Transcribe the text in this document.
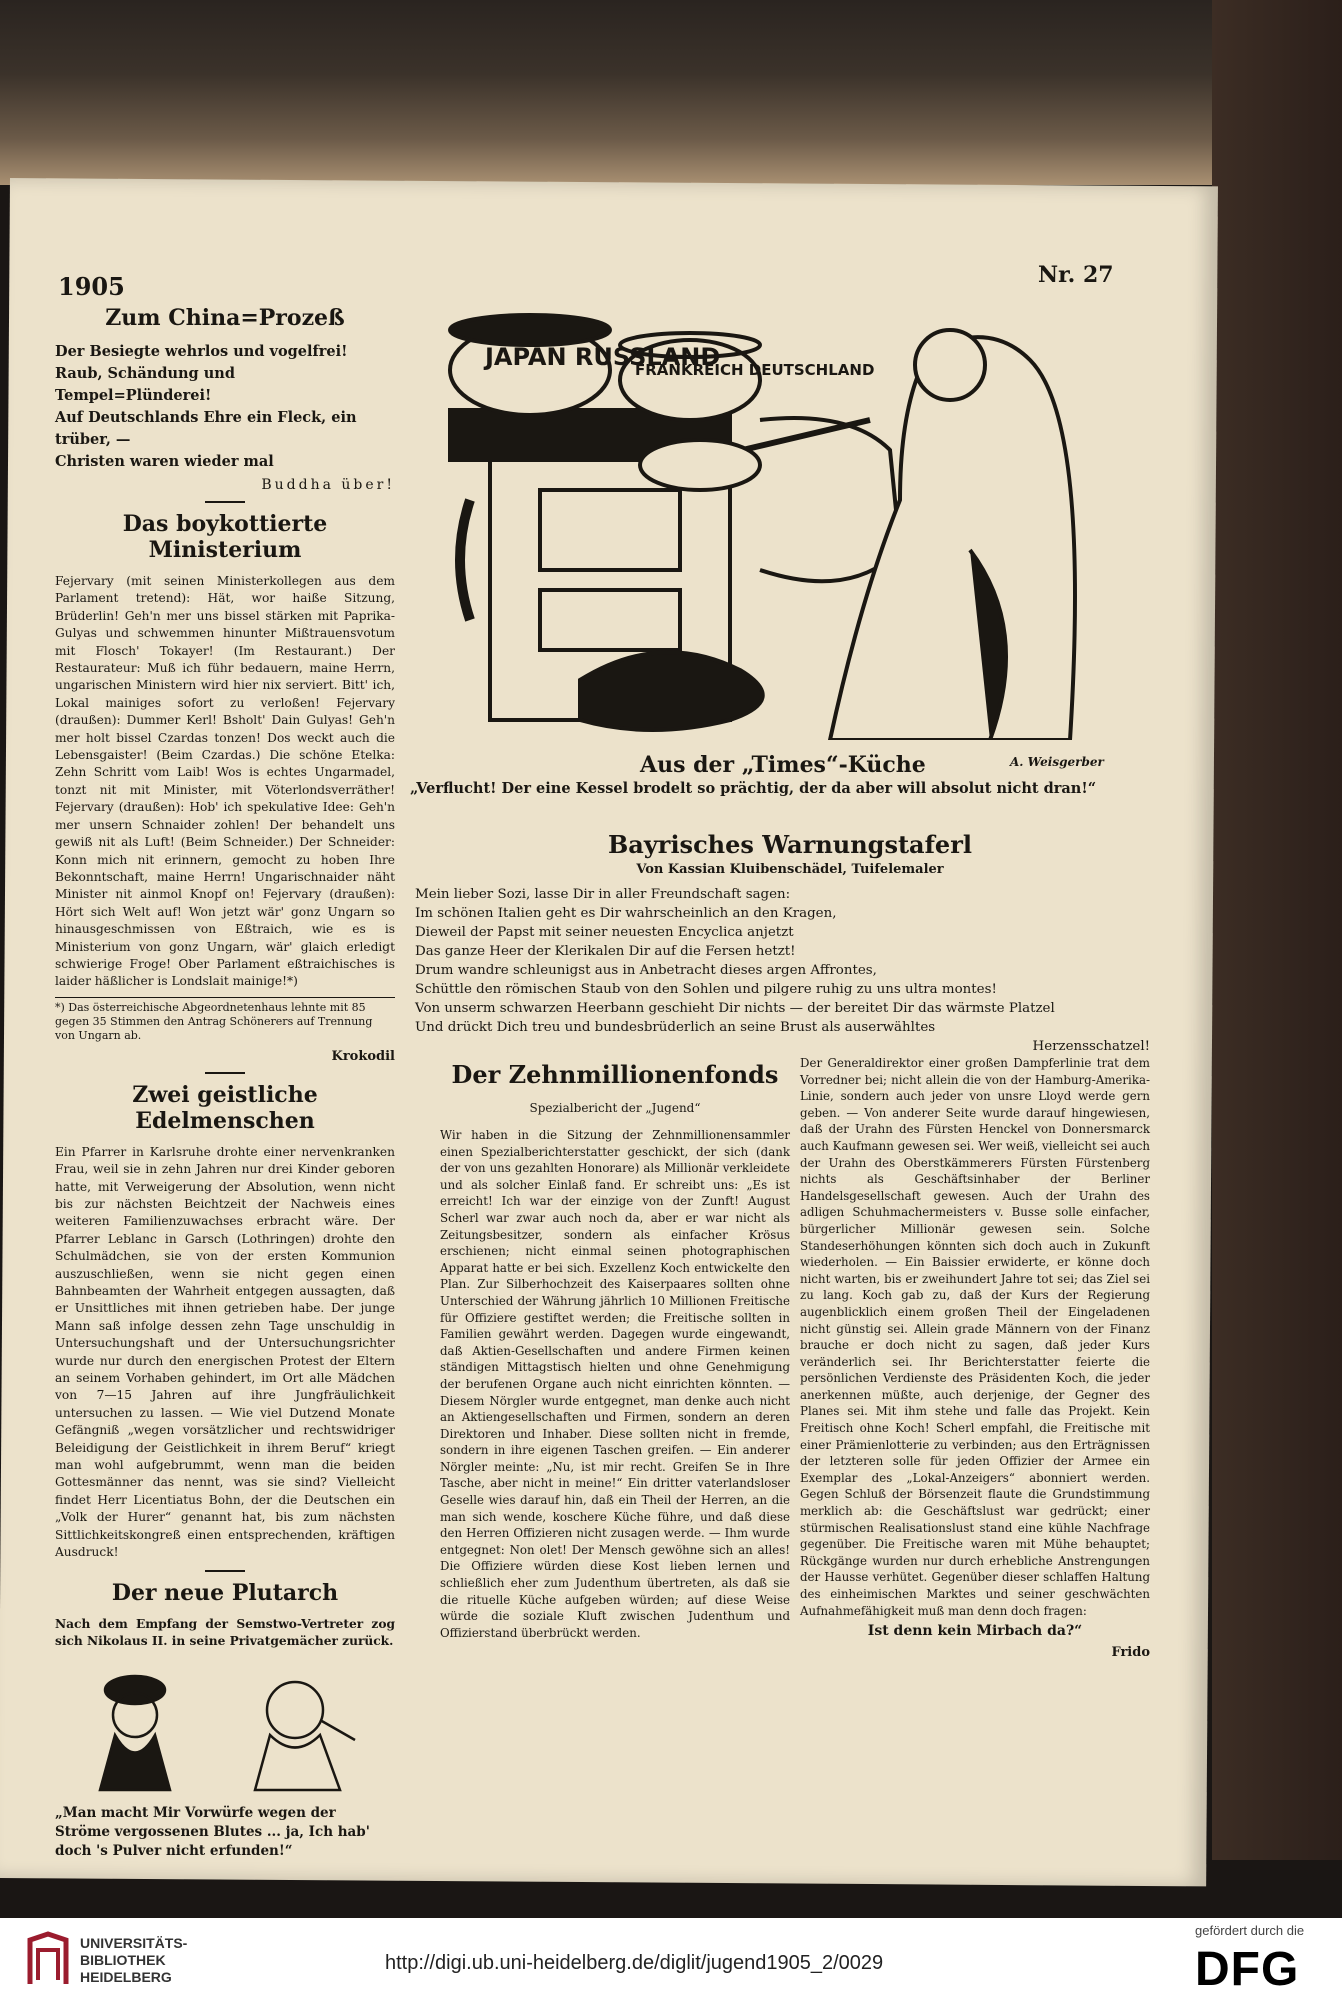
1905	Nr. 27
Zum China=Prozeß
Der Besiegte wehrlos und vogelfrei!
Raub, Schändung und Tempel=Plünderei!
Auf Deutschlands Ehre ein Fleck, ein trüber, —
Christen waren wieder mal
Buddha über!
Das boykottierte Ministerium
Fejervary (mit seinen Ministerkollegen aus dem Parlament tretend): Hät, wor haiße Sitzung, Brüderlin! Geh'n mer uns bissel stärken mit Paprika-Gulyas und schwemmen hinunter Mißtrauensvotum mit Flosch' Tokayer! (Im Restaurant.) Der Restaurateur: Muß ich führ bedauern, maine Herrn, ungarischen Ministern wird hier nix serviert. Bitt' ich, Lokal mainiges sofort zu verloßen! Fejervary (draußen): Dummer Kerl! Bsholt' Dain Gulyas! Geh'n mer holt bissel Czardas tonzen! Dos weckt auch die Lebensgaister! (Beim Czardas.) Die schöne Etelka: Zehn Schritt vom Laib! Wos is echtes Ungarmadel, tonzt nit mit Minister, mit Vöterlondsverräther! Fejervary (draußen): Hob' ich spekulative Idee: Geh'n mer unsern Schnaider zohlen! Der behandelt uns gewiß nit als Luft! (Beim Schneider.) Der Schneider: Konn mich nit erinnern, gemocht zu hoben Ihre Bekonntschaft, maine Herrn! Ungarischnaider näht Minister nit ainmol Knopf on! Fejervary (draußen): Hört sich Welt auf! Won jetzt wär' gonz Ungarn so hinausgeschmissen von Eßtraich, wie es is Ministerium von gonz Ungarn, wär' glaich erledigt schwierige Froge! Ober Parlament eßtraichisches is laider häßlicher is Londslait mainige!*)
*) Das österreichische Abgeordnetenhaus lehnte mit 85 gegen 35 Stimmen den Antrag Schönerers auf Trennung von Ungarn ab.
Krokodil
Zwei geistliche Edelmenschen
Ein Pfarrer in Karlsruhe drohte einer nervenkranken Frau, weil sie in zehn Jahren nur drei Kinder geboren hatte, mit Verweigerung der Absolution, wenn nicht bis zur nächsten Beichtzeit der Nachweis eines weiteren Familienzuwachses erbracht wäre. Der Pfarrer Leblanc in Garsch (Lothringen) drohte den Schulmädchen, sie von der ersten Kommunion auszuschließen, wenn sie nicht gegen einen Bahnbeamten der Wahrheit entgegen aussagten, daß er Unsittliches mit ihnen getrieben habe. Der junge Mann saß infolge dessen zehn Tage unschuldig in Untersuchungshaft und der Untersuchungsrichter wurde nur durch den energischen Protest der Eltern an seinem Vorhaben gehindert, im Ort alle Mädchen von 7—15 Jahren auf ihre Jungfräulichkeit untersuchen zu lassen. — Wie viel Dutzend Monate Gefängniß „wegen vorsätzlicher und rechtswidriger Beleidigung der Geistlichkeit in ihrem Beruf“ kriegt man wohl aufgebrummt, wenn man die beiden Gottesmänner das nennt, was sie sind? Vielleicht findet Herr Licentiatus Bohn, der die Deutschen ein „Volk der Hurer“ genannt hat, bis zum nächsten Sittlichkeitskongreß einen entsprechenden, kräftigen Ausdruck!
Der neue Plutarch
Nach dem Empfang der Semstwo-Vertreter zog sich Nikolaus II. in seine Privatgemächer zurück.
„Man macht Mir Vorwürfe wegen der Ströme vergossenen Blutes ... ja, Ich hab' doch 's Pulver nicht erfunden!“
JAPAN RUSSLAND
FRANKREICH DEUTSCHLAND
Aus der „Times“-Küche	A. Weisgerber
„Verflucht! Der eine Kessel brodelt so prächtig, der da aber will absolut nicht dran!“
Bayrisches Warnungstaferl
Von Kassian Kluibenschädel, Tuifelemaler
Mein lieber Sozi, lasse Dir in aller Freundschaft sagen:
Im schönen Italien geht es Dir wahrscheinlich an den Kragen,
Dieweil der Papst mit seiner neuesten Encyclica anjetzt
Das ganze Heer der Klerikalen Dir auf die Fersen hetzt!
Drum wandre schleunigst aus in Anbetracht dieses argen Affrontes,
Schüttle den römischen Staub von den Sohlen und pilgere ruhig zu uns ultra montes!
Von unserm schwarzen Heerbann geschieht Dir nichts — der bereitet Dir das wärmste Platzel
Und drückt Dich treu und bundesbrüderlich an seine Brust als auserwähltes
Herzensschatzel!
Der Zehnmillionenfonds
Spezialbericht der „Jugend“
Wir haben in die Sitzung der Zehnmillionensammler einen Spezialberichterstatter geschickt, der sich (dank der von uns gezahlten Honorare) als Millionär verkleidete und als solcher Einlaß fand. Er schreibt uns: „Es ist erreicht! Ich war der einzige von der Zunft! August Scherl war zwar auch noch da, aber er war nicht als Zeitungsbesitzer, sondern als einfacher Krösus erschienen; nicht einmal seinen photographischen Apparat hatte er bei sich. Exzellenz Koch entwickelte den Plan. Zur Silberhochzeit des Kaiserpaares sollten ohne Unterschied der Währung jährlich 10 Millionen Freitische für Offiziere gestiftet werden; die Freitische sollten in Familien gewährt werden. Dagegen wurde eingewandt, daß Aktien-Gesellschaften und andere Firmen keinen ständigen Mittagstisch hielten und ohne Genehmigung der berufenen Organe auch nicht einrichten könnten. — Diesem Nörgler wurde entgegnet, man denke auch nicht an Aktiengesellschaften und Firmen, sondern an deren Direktoren und Inhaber. Diese sollten nicht in fremde, sondern in ihre eigenen Taschen greifen. — Ein anderer Nörgler meinte: „Nu, ist mir recht. Greifen Se in Ihre Tasche, aber nicht in meine!“ Ein dritter vaterlandsloser Geselle wies darauf hin, daß ein Theil der Herren, an die man sich wende, koschere Küche führe, und daß diese den Herren Offizieren nicht zusagen werde. — Ihm wurde entgegnet: Non olet! Der Mensch gewöhne sich an alles! Die Offiziere würden diese Kost lieben lernen und schließlich eher zum Judenthum übertreten, als daß sie die rituelle Küche aufgeben würden; auf diese Weise würde die soziale Kluft zwischen Judenthum und Offizierstand überbrückt werden.
Der Generaldirektor einer großen Dampferlinie trat dem Vorredner bei; nicht allein die von der Hamburg-Amerika-Linie, sondern auch jeder von unsre Lloyd werde gern geben. — Von anderer Seite wurde darauf hingewiesen, daß der Urahn des Fürsten Henckel von Donnersmarck auch Kaufmann gewesen sei. Wer weiß, vielleicht sei auch der Urahn des Oberstkämmerers Fürsten Fürstenberg nichts als Geschäftsinhaber der Berliner Handelsgesellschaft gewesen. Auch der Urahn des adligen Schuhmachermeisters v. Busse solle einfacher, bürgerlicher Millionär gewesen sein. Solche Standeserhöhungen könnten sich doch auch in Zukunft wiederholen. — Ein Baissier erwiderte, er könne doch nicht warten, bis er zweihundert Jahre tot sei; das Ziel sei zu lang. Koch gab zu, daß der Kurs der Regierung augenblicklich einem großen Theil der Eingeladenen nicht günstig sei. Allein grade Männern von der Finanz brauche er doch nicht zu sagen, daß jeder Kurs veränderlich sei. Ihr Berichterstatter feierte die persönlichen Verdienste des Präsidenten Koch, die jeder anerkennen müßte, auch derjenige, der Gegner des Planes sei. Mit ihm stehe und falle das Projekt. Kein Freitisch ohne Koch! Scherl empfahl, die Freitische mit einer Prämienlotterie zu verbinden; aus den Erträgnissen der letzteren solle für jeden Offizier der Armee ein Exemplar des „Lokal-Anzeigers“ abonniert werden. Gegen Schluß der Börsenzeit flaute die Grundstimmung merklich ab: die Geschäftslust war gedrückt; einer stürmischen Realisationslust stand eine kühle Nachfrage gegenüber. Die Freitische waren mit Mühe behauptet; Rückgänge wurden nur durch erhebliche Anstrengungen der Hausse verhütet. Gegenüber dieser schlaffen Haltung des einheimischen Marktes und seiner geschwächten Aufnahmefähigkeit muß man denn doch fragen:
Ist denn kein Mirbach da?“
Frido
UNIVERSITÄTS-
BIBLIOTHEK
HEIDELBERG
http://digi.ub.uni-heidelberg.de/diglit/jugend1905_2/0029
gefördert durch die
DFG
